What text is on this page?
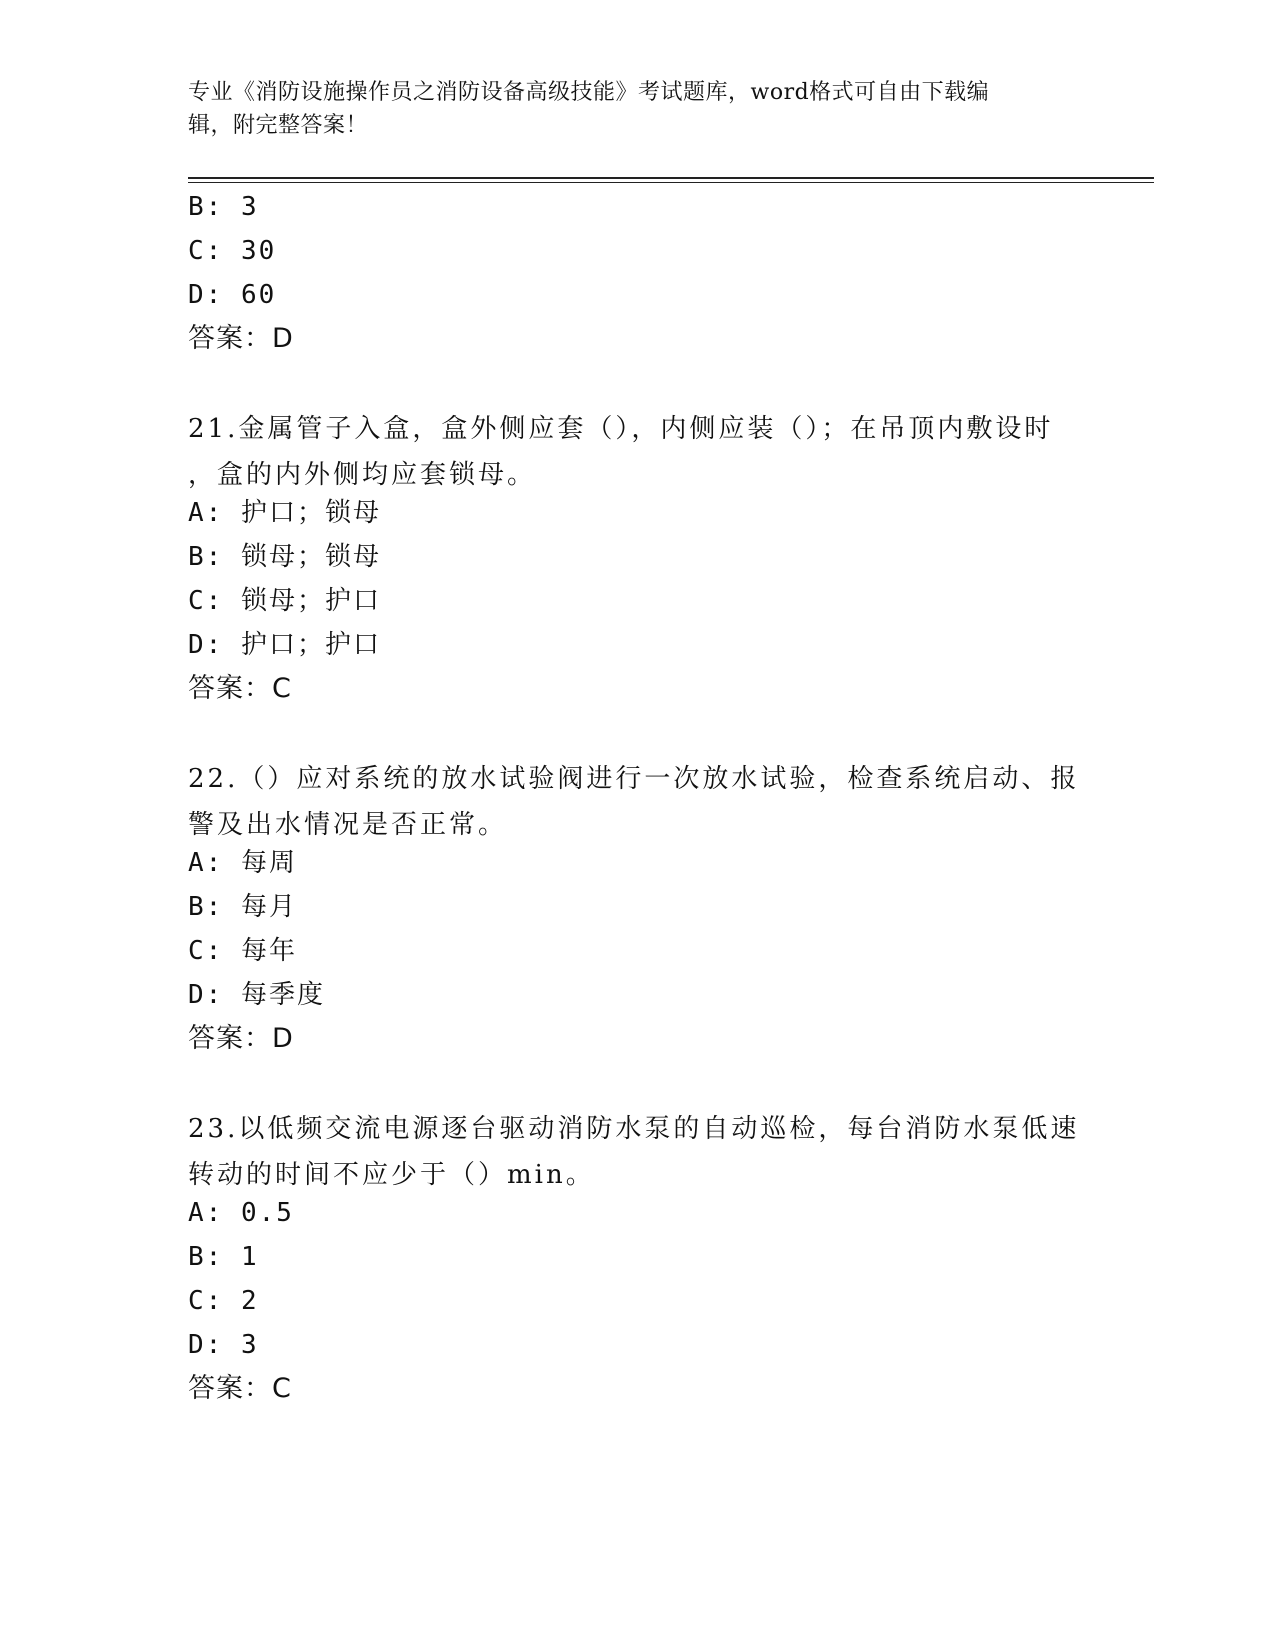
专业《消防设施操作员之消防设备高级技能》考试题库，word格式可自由下载编
辑，附完整答案！
B: 3
C: 30
D: 60
答案：D
21.金属管子入盒，盒外侧应套（），内侧应装（）；在吊顶内敷设时
，盒的内外侧均应套锁母。
A: 护口；锁母
B: 锁母；锁母
C: 锁母；护口
D: 护口；护口
答案：C
22.（）应对系统的放水试验阀进行一次放水试验，检查系统启动、报
警及出水情况是否正常。
A: 每周
B: 每月
C: 每年
D: 每季度
答案：D
23.以低频交流电源逐台驱动消防水泵的自动巡检，每台消防水泵低速
转动的时间不应少于（）min。
A: 0.5
B: 1
C: 2
D: 3
答案：C
